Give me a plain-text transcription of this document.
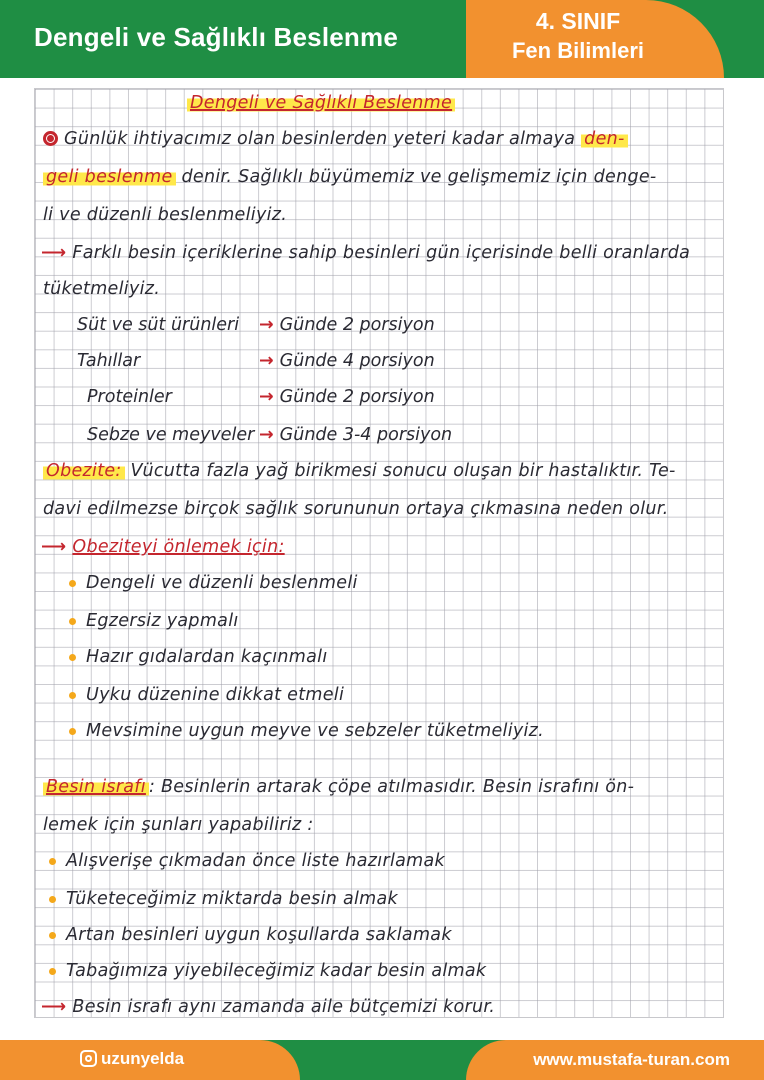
Dengeli ve Sağlıklı Beslenme
4. SINIF
Fen Bilimleri
Dengeli ve Sağlıklı Beslenme
Günlük ihtiyacımız olan besinlerden yeteri kadar almaya den-
geli beslenme denir. Sağlıklı büyümemiz ve gelişmemiz için denge-
li ve düzenli beslenmeliyiz.
⟶ Farklı besin içeriklerine sahip besinleri gün içerisinde belli oranlarda
tüketmeliyiz.
Süt ve süt ürünleri → Günde 2 porsiyon
Tahıllar	→ Günde 4 porsiyon
Proteinler	→ Günde 2 porsiyon
Sebze ve meyveler → Günde 3-4 porsiyon
Obezite: Vücutta fazla yağ birikmesi sonucu oluşan bir hastalıktır. Te-
davi edilmezse birçok sağlık sorununun ortaya çıkmasına neden olur.
⟶ Obeziteyi önlemek için:
Dengeli ve düzenli beslenmeli
Egzersiz yapmalı
Hazır gıdalardan kaçınmalı
Uyku düzenine dikkat etmeli
Mevsimine uygun meyve ve sebzeler tüketmeliyiz.
Besin israfı : Besinlerin artarak çöpe atılmasıdır. Besin israfını ön-
lemek için şunları yapabiliriz :
Alışverişe çıkmadan önce liste hazırlamak
Tüketeceğimiz miktarda besin almak
Artan besinleri uygun koşullarda saklamak
Tabağımıza yiyebileceğimiz kadar besin almak
⟶ Besin israfı aynı zamanda aile bütçemizi korur.
uzunyelda	www.mustafa-turan.com
